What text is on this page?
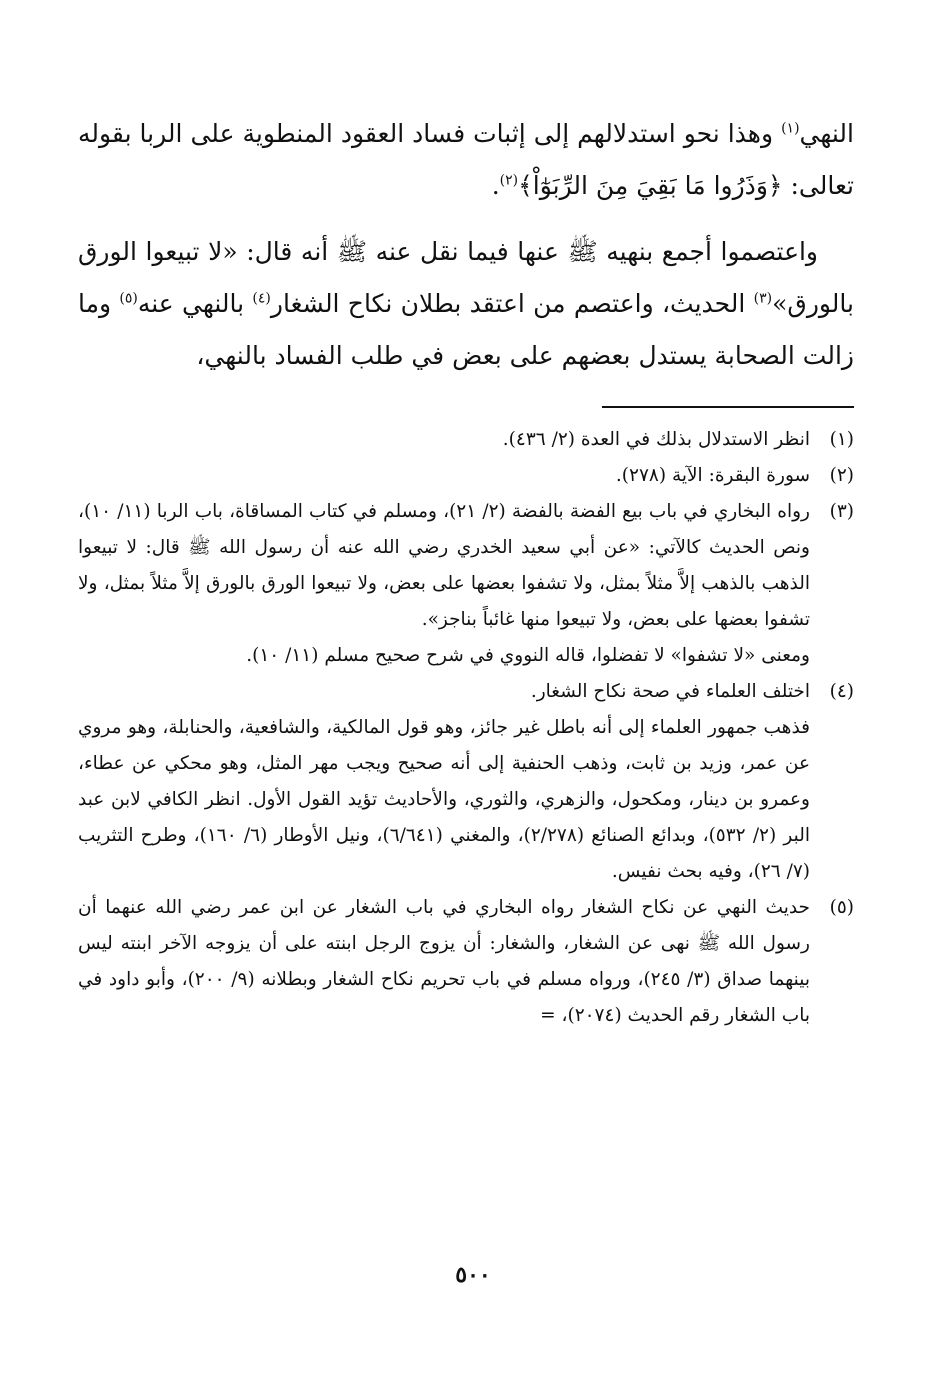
النهي$^{(١)}$ وهذا نحو استدلالهم إلى إثبات فساد العقود المنطوية على الربا بقوله تعالى: ﴿وَذَرُوا مَا بَقِيَ مِنَ الرِّبَوٰٓاْ﴾$^{(٢)}$.

واعتصموا أجمع بنهيه ﷺ عنها فيما نقل عنه ﷺ أنه قال: «لا تبيعوا الورق بالورق»$^{(٣)}$ الحديث، واعتصم من اعتقد بطلان نكاح الشغار$^{(٤)}$ بالنهي عنه$^{(٥)}$ وما زالت الصحابة يستدل بعضهم على بعض في طلب الفساد بالنهي،

(١)

انظر الاستدلال بذلك في العدة (٢/ ٤٣٦).

(٢)

سورة البقرة: الآية (٢٧٨).

(٣)

رواه البخاري في باب بيع الفضة بالفضة (٢/ ٢١)، ومسلم في كتاب المساقاة، باب الربا (١١/ ١٠)، ونص الحديث كالآتي: «عن أبي سعيد الخدري رضي الله عنه أن رسول الله ﷺ قال: لا تبيعوا الذهب بالذهب إلاَّ مثلاً بمثل، ولا تشفوا بعضها على بعض، ولا تبيعوا الورق بالورق إلاَّ مثلاً بمثل، ولا تشفوا بعضها على بعض، ولا تبيعوا منها غائباً بناجز».

ومعنى «لا تشفوا» لا تفضلوا، قاله النووي في شرح صحيح مسلم (١١/ ١٠).

(٤)

اختلف العلماء في صحة نكاح الشغار.

فذهب جمهور العلماء إلى أنه باطل غير جائز، وهو قول المالكية، والشافعية، والحنابلة، وهو مروي عن عمر، وزيد بن ثابت، وذهب الحنفية إلى أنه صحيح ويجب مهر المثل، وهو محكي عن عطاء، وعمرو بن دينار، ومكحول، والزهري، والثوري، والأحاديث تؤيد القول الأول. انظر الكافي لابن عبد البر (٢/ ٥٣٢)، وبدائع الصنائع (٢/٢٧٨)، والمغني (٦/٦٤١)، ونيل الأوطار (٦/ ١٦٠)، وطرح التثريب (٧/ ٢٦)، وفيه بحث نفيس.

(٥)

حديث النهي عن نكاح الشغار رواه البخاري في باب الشغار عن ابن عمر رضي الله عنهما أن رسول الله ﷺ نهى عن الشغار، والشغار: أن يزوج الرجل ابنته على أن يزوجه الآخر ابنته ليس بينهما صداق (٣/ ٢٤٥)، ورواه مسلم في باب تحريم نكاح الشغار وبطلانه (٩/ ٢٠٠)، وأبو داود في باب الشغار رقم الحديث (٢٠٧٤)، =

٥٠٠
